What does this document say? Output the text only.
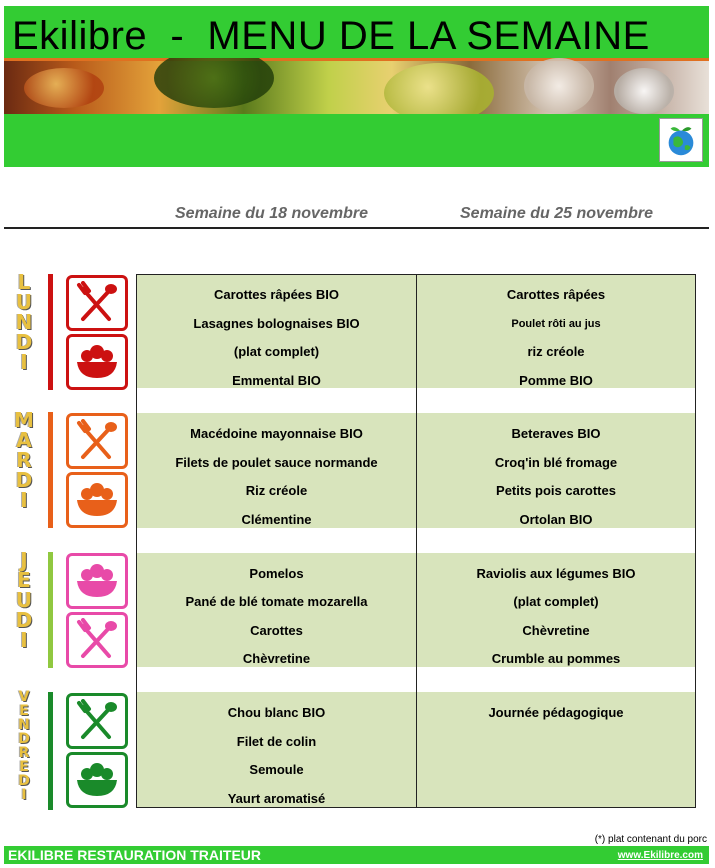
Ekilibre  -  MENU DE LA SEMAINE
Semaine du 18 novembre	Semaine du 25 novembre
L
U
N
D
I
M
A
R
D
I
J
E
U
D
I
V
E
N
D
R
E
D
I
Carottes râpées BIO
Lasagnes bolognaises BIO
(plat complet)
Emmental BIO
Carottes râpées
Poulet rôti au jus
riz créole
Pomme BIO
Macédoine mayonnaise BIO
Filets de poulet sauce normande
Riz créole
Clémentine
Beteraves BIO
Croq'in blé fromage
Petits pois carottes
Ortolan BIO
Pomelos
Pané de blé tomate mozarella
Carottes
Chèvretine
Raviolis aux légumes BIO
(plat complet)
Chèvretine
Crumble au pommes
Chou blanc BIO
Filet de colin
Semoule
Yaurt aromatisé
Journée pédagogique
(*) plat contenant du porc
EKILIBRE RESTAURATION TRAITEUR	www.Ekilibre.com
